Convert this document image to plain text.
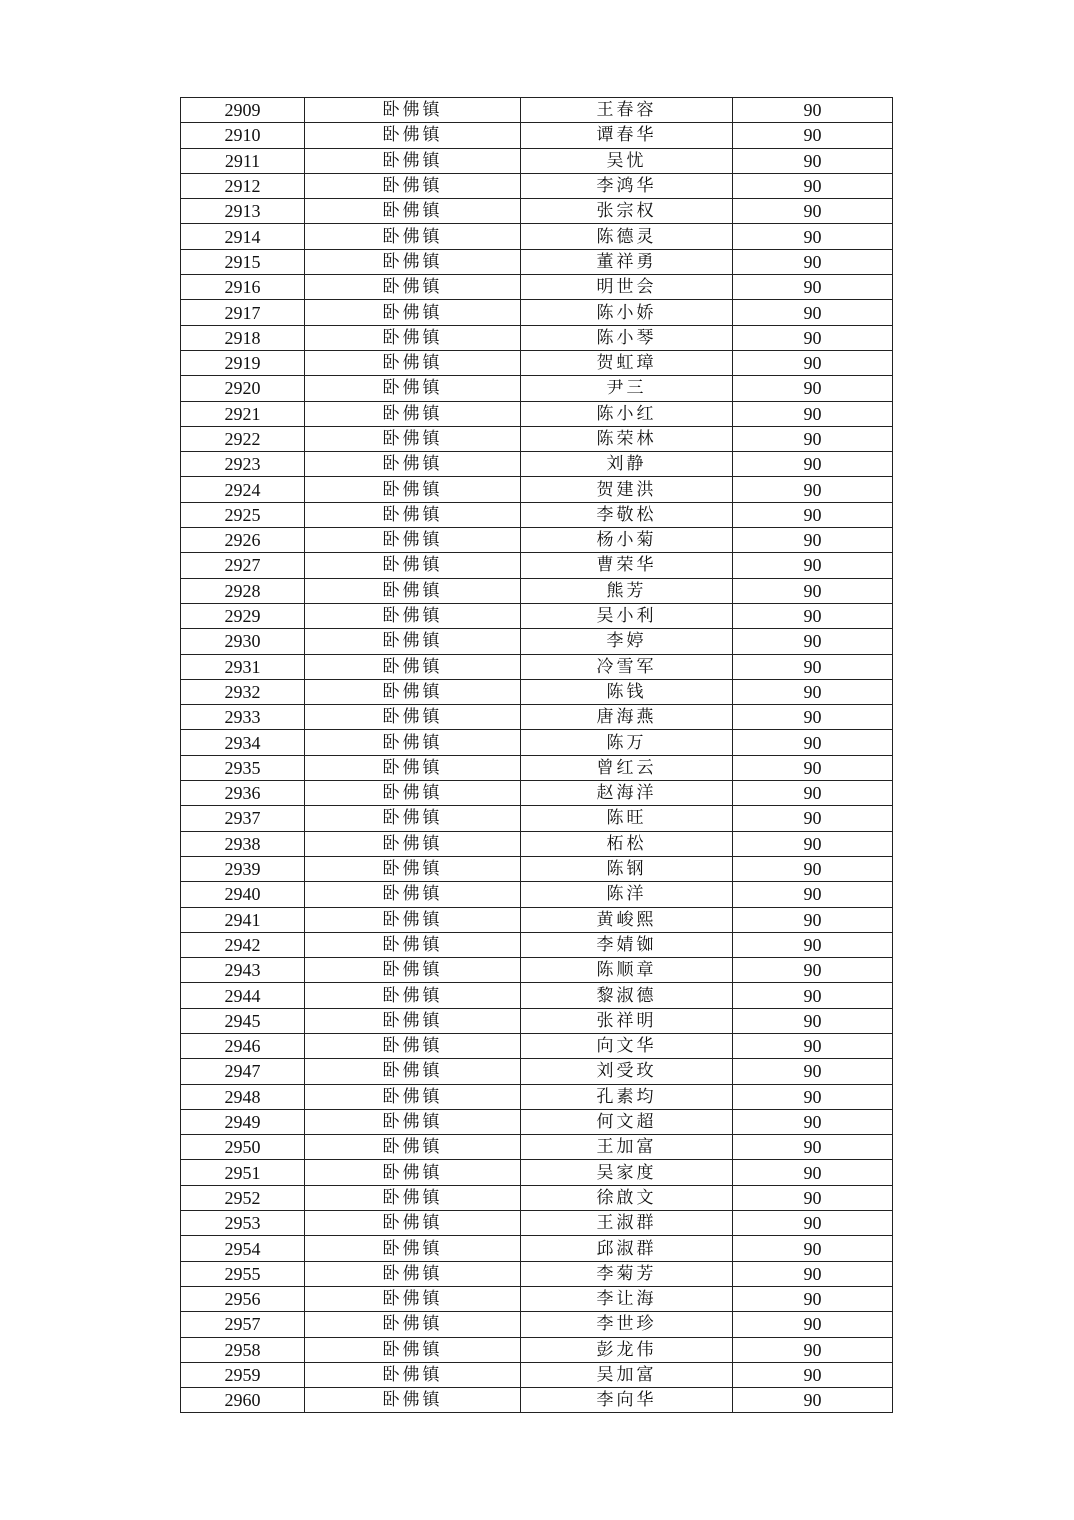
2909	卧佛镇	王春容	90
2910	卧佛镇	谭春华	90
2911	卧佛镇	吴忧	90
2912	卧佛镇	李鸿华	90
2913	卧佛镇	张宗权	90
2914	卧佛镇	陈德灵	90
2915	卧佛镇	董祥勇	90
2916	卧佛镇	明世会	90
2917	卧佛镇	陈小娇	90
2918	卧佛镇	陈小琴	90
2919	卧佛镇	贺虹璋	90
2920	卧佛镇	尹三	90
2921	卧佛镇	陈小红	90
2922	卧佛镇	陈荣林	90
2923	卧佛镇	刘静	90
2924	卧佛镇	贺建洪	90
2925	卧佛镇	李敬松	90
2926	卧佛镇	杨小菊	90
2927	卧佛镇	曹荣华	90
2928	卧佛镇	熊芳	90
2929	卧佛镇	吴小利	90
2930	卧佛镇	李婷	90
2931	卧佛镇	冷雪军	90
2932	卧佛镇	陈钱	90
2933	卧佛镇	唐海燕	90
2934	卧佛镇	陈万	90
2935	卧佛镇	曾红云	90
2936	卧佛镇	赵海洋	90
2937	卧佛镇	陈旺	90
2938	卧佛镇	柘松	90
2939	卧佛镇	陈钢	90
2940	卧佛镇	陈洋	90
2941	卧佛镇	黄峻熙	90
2942	卧佛镇	李婧铷	90
2943	卧佛镇	陈顺章	90
2944	卧佛镇	黎淑德	90
2945	卧佛镇	张祥明	90
2946	卧佛镇	向文华	90
2947	卧佛镇	刘受玫	90
2948	卧佛镇	孔素均	90
2949	卧佛镇	何文超	90
2950	卧佛镇	王加富	90
2951	卧佛镇	吴家度	90
2952	卧佛镇	徐啟文	90
2953	卧佛镇	王淑群	90
2954	卧佛镇	邱淑群	90
2955	卧佛镇	李菊芳	90
2956	卧佛镇	李让海	90
2957	卧佛镇	李世珍	90
2958	卧佛镇	彭龙伟	90
2959	卧佛镇	吴加富	90
2960	卧佛镇	李向华	90
